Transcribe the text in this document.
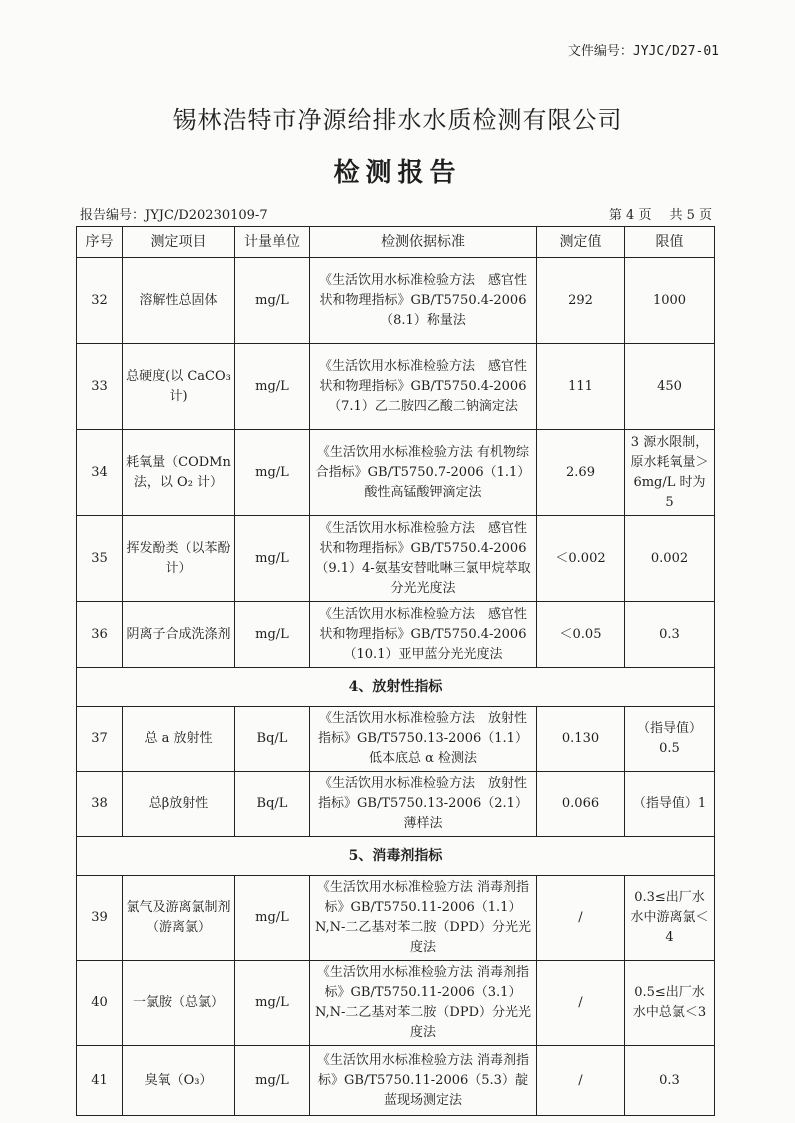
文件编号：JYJC/D27-01
锡林浩特市净源给排水水质检测有限公司
检测报告
报告编号：JYJC/D20230109-7	第 4 页 共 5 页
序号	测定项目	计量单位	检测依据标准	测定值	限值
32	溶解性总固体	mg/L	《生活饮用水标准检验方法　感官性状和物理指标》GB/T5750.4-2006（8.1）称量法	292	1000
33	总硬度(以 CaCO₃ 计)	mg/L	《生活饮用水标准检验方法　感官性状和物理指标》GB/T5750.4-2006（7.1）乙二胺四乙酸二钠滴定法	111	450
34	耗氧量（CODMn 法，以 O₂ 计）	mg/L	《生活饮用水标准检验方法 有机物综合指标》GB/T5750.7-2006（1.1）酸性高锰酸钾滴定法	2.69	3 源水限制，原水耗氧量＞6mg/L 时为 5
35	挥发酚类（以苯酚计）	mg/L	《生活饮用水标准检验方法　感官性状和物理指标》GB/T5750.4-2006（9.1）4-氨基安替吡啉三氯甲烷萃取分光光度法	＜0.002	0.002
36	阴离子合成洗涤剂	mg/L	《生活饮用水标准检验方法　感官性状和物理指标》GB/T5750.4-2006（10.1）亚甲蓝分光光度法	＜0.05	0.3
4、放射性指标					
37	总 a 放射性	Bq/L	《生活饮用水标准检验方法　放射性指标》GB/T5750.13-2006（1.1）低本底总 α 检测法	0.130	（指导值）0.5
38	总β放射性	Bq/L	《生活饮用水标准检验方法　放射性指标》GB/T5750.13-2006（2.1）薄样法	0.066	（指导值）1
5、消毒剂指标					
39	氯气及游离氯制剂（游离氯）	mg/L	《生活饮用水标准检验方法 消毒剂指标》GB/T5750.11-2006（1.1）N,N-二乙基对苯二胺（DPD）分光光度法	/	0.3≤出厂水水中游离氯＜4
40	一氯胺（总氯）	mg/L	《生活饮用水标准检验方法 消毒剂指标》GB/T5750.11-2006（3.1）N,N-二乙基对苯二胺（DPD）分光光度法	/	0.5≤出厂水水中总氯＜3
41	臭氧（O₃）	mg/L	《生活饮用水标准检验方法 消毒剂指标》GB/T5750.11-2006（5.3）靛蓝现场测定法	/	0.3
